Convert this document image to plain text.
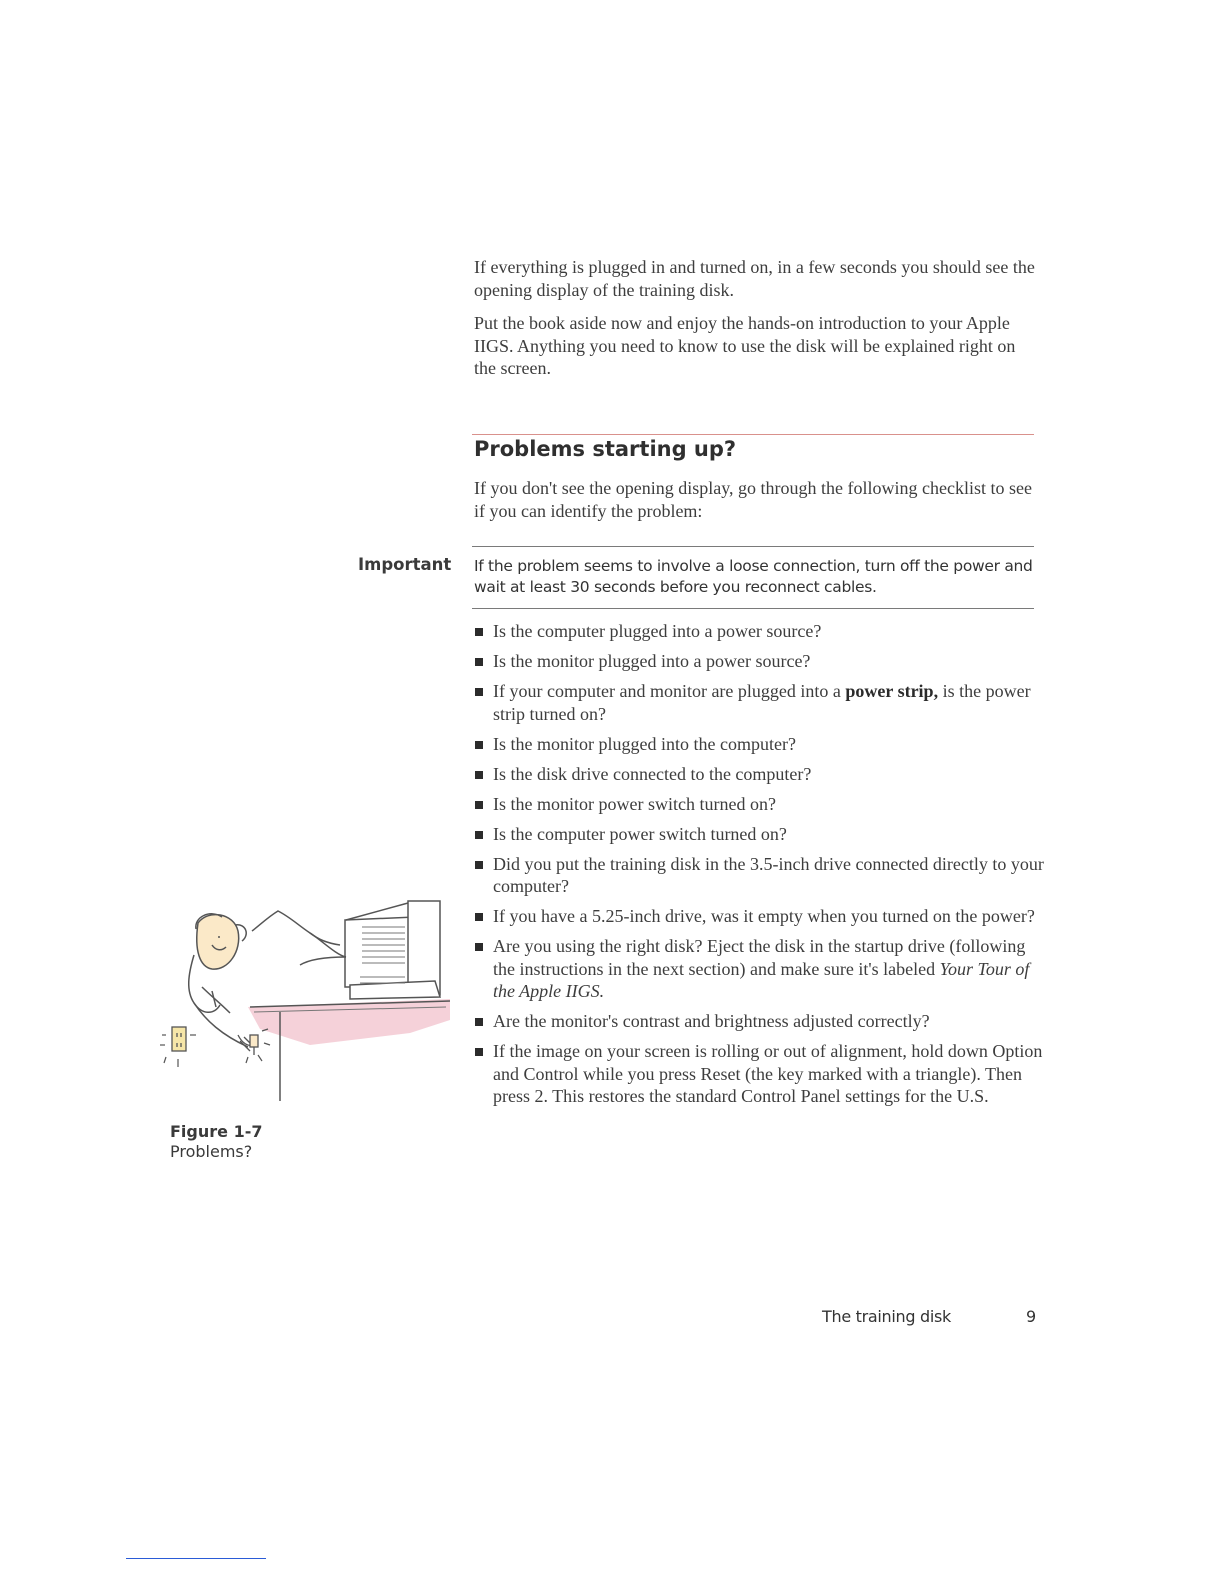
If everything is plugged in and turned on, in a few seconds you should see the opening display of the training disk.

Put the book aside now and enjoy the hands-on introduction to your Apple IIGS. Anything you need to know to use the disk will be explained right on the screen.

Problems starting up?

If you don't see the opening display, go through the following checklist to see if you can identify the problem:

Important If the problem seems to involve a loose connection, turn off the power and wait at least 30 seconds before you reconnect cables.
Is the computer plugged into a power source?
Is the monitor plugged into a power source?
If your computer and monitor are plugged into a power strip, is the power strip turned on?
Is the monitor plugged into the computer?
Is the disk drive connected to the computer?
Is the monitor power switch turned on?
Is the computer power switch turned on?
Did you put the training disk in the 3.5-inch drive connected directly to your computer?
If you have a 5.25-inch drive, was it empty when you turned on the power?
Are you using the right disk? Eject the disk in the startup drive (following the instructions in the next section) and make sure it's labeled Your Tour of the Apple IIGS.
Are the monitor's contrast and brightness adjusted correctly?
If the image on your screen is rolling or out of alignment, hold down Option and Control while you press Reset (the key marked with a triangle). Then press 2. This restores the standard Control Panel settings for the U.S.
Figure 1-7
Problems?
The training disk	9
